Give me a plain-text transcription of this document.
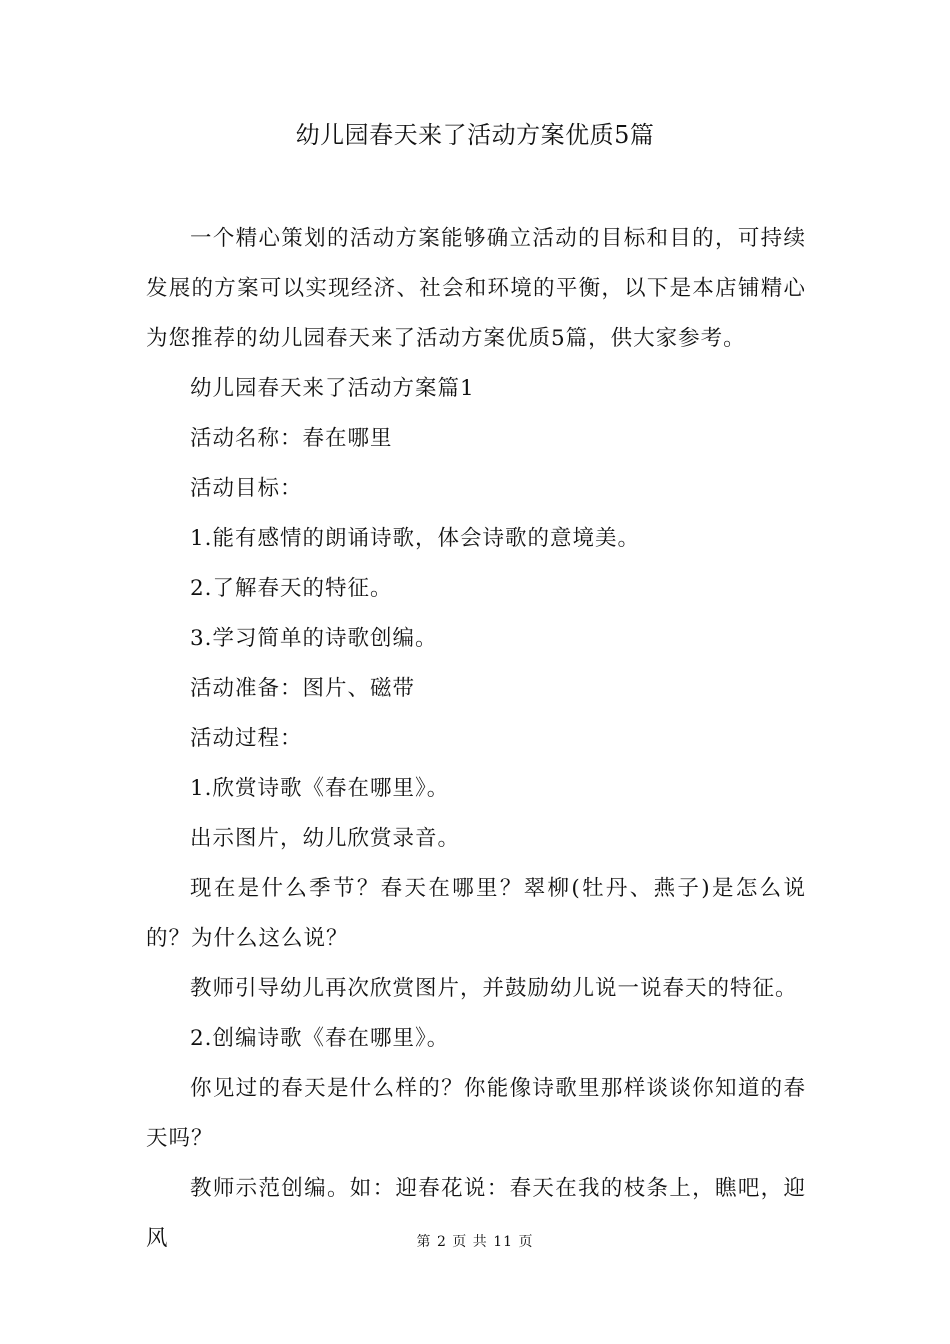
幼儿园春天来了活动方案优质5篇

一个精心策划的活动方案能够确立活动的目标和目的，可持续发展的方案可以实现经济、社会和环境的平衡，以下是本店铺精心为您推荐的幼儿园春天来了活动方案优质5篇，供大家参考。

幼儿园春天来了活动方案篇1

活动名称：春在哪里

活动目标：

1.能有感情的朗诵诗歌，体会诗歌的意境美。

2.了解春天的特征。

3.学习简单的诗歌创编。

活动准备：图片、磁带

活动过程：

1.欣赏诗歌《春在哪里》。

出示图片，幼儿欣赏录音。

现在是什么季节？春天在哪里？翠柳(牡丹、燕子)是怎么说的？为什么这么说？

教师引导幼儿再次欣赏图片，并鼓励幼儿说一说春天的特征。

2.创编诗歌《春在哪里》。

你见过的春天是什么样的？你能像诗歌里那样谈谈你知道的春天吗？

教师示范创编。如：迎春花说：春天在我的枝条上，瞧吧，迎风	第 2 页 共 11 页
